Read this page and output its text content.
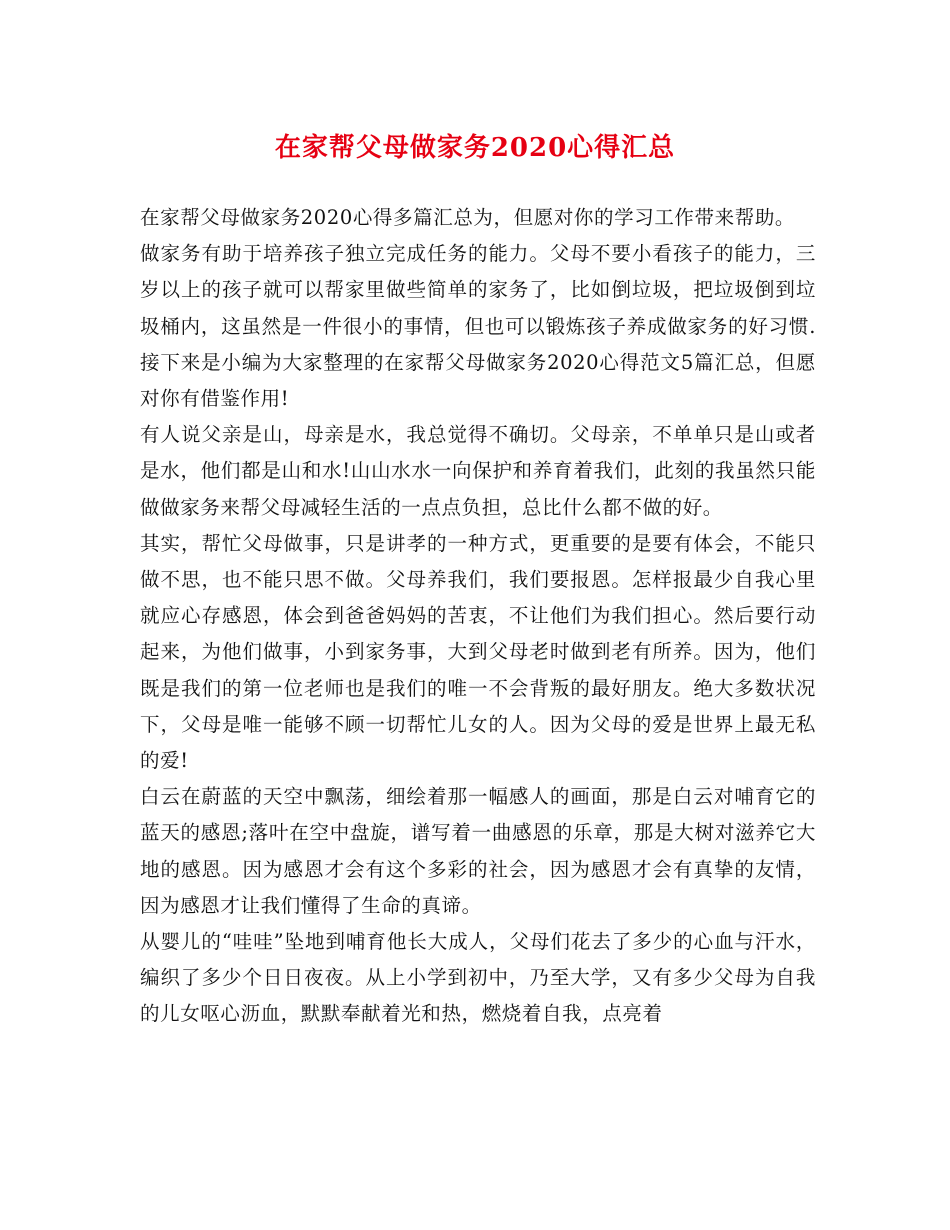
在家帮父母做家务2020心得汇总

在家帮父母做家务2020心得多篇汇总为，但愿对你的学习工作带来帮助。

做家务有助于培养孩子独立完成任务的能力。父母不要小看孩子的能力，三岁以上的孩子就可以帮家里做些简单的家务了，比如倒垃圾，把垃圾倒到垃圾桶内，这虽然是一件很小的事情，但也可以锻炼孩子养成做家务的好习惯.接下来是小编为大家整理的在家帮父母做家务2020心得范文5篇汇总，但愿对你有借鉴作用!

有人说父亲是山，母亲是水，我总觉得不确切。父母亲，不单单只是山或者是水，他们都是山和水!山山水水一向保护和养育着我们，此刻的我虽然只能做做家务来帮父母减轻生活的一点点负担，总比什么都不做的好。

其实，帮忙父母做事，只是讲孝的一种方式，更重要的是要有体会，不能只做不思，也不能只思不做。父母养我们，我们要报恩。怎样报最少自我心里就应心存感恩，体会到爸爸妈妈的苦衷，不让他们为我们担心。然后要行动起来，为他们做事，小到家务事，大到父母老时做到老有所养。因为，他们既是我们的第一位老师也是我们的唯一不会背叛的最好朋友。绝大多数状况下，父母是唯一能够不顾一切帮忙儿女的人。因为父母的爱是世界上最无私的爱!

白云在蔚蓝的天空中飘荡，细绘着那一幅感人的画面，那是白云对哺育它的蓝天的感恩;落叶在空中盘旋，谱写着一曲感恩的乐章，那是大树对滋养它大地的感恩。因为感恩才会有这个多彩的社会，因为感恩才会有真挚的友情，因为感恩才让我们懂得了生命的真谛。

从婴儿的“哇哇”坠地到哺育他长大成人，父母们花去了多少的心血与汗水，编织了多少个日日夜夜。从上小学到初中，乃至大学，又有多少父母为自我的儿女呕心沥血，默默奉献着光和热，燃烧着自我，点亮着
